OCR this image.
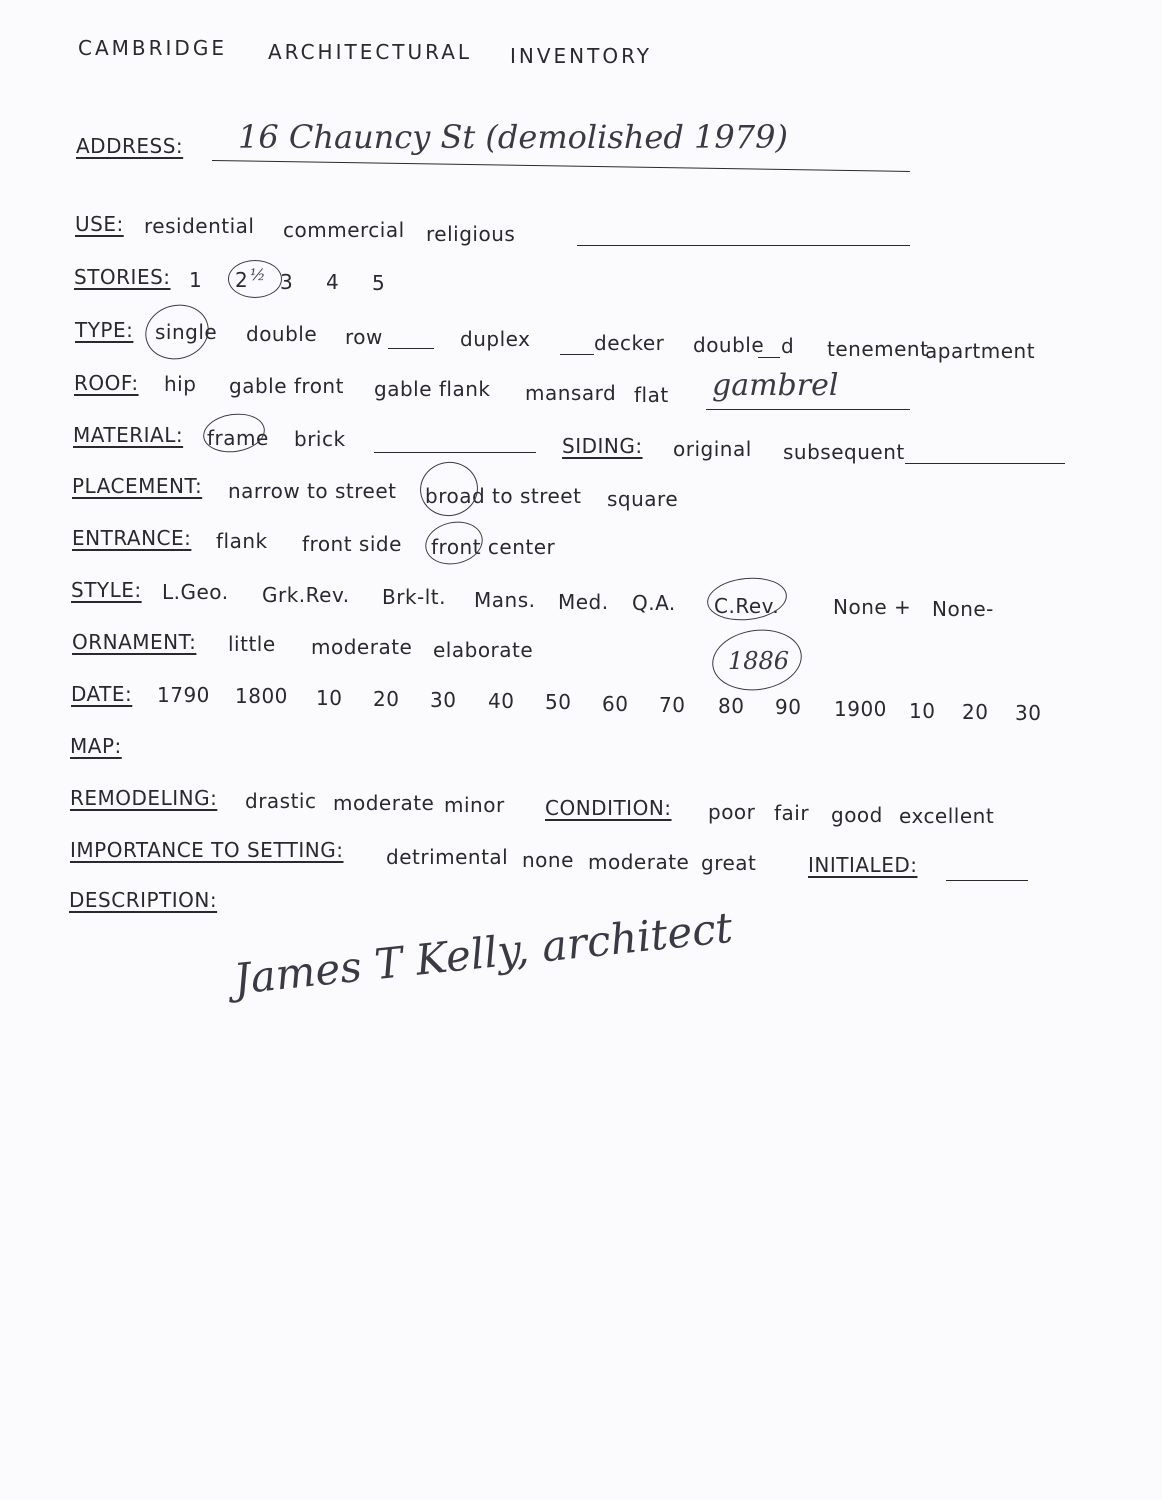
CAMBRIDGE ARCHITECTURAL INVENTORY
ADDRESS: 16 Chauncy St (demolished 1979)
USE: residential commercial religious
STORIES: 1 2 ½ 3 4 5
TYPE: single double row	duplex	decker double d tenement
apartment
ROOF: hip gable front gable flank mansard flat gambrel
MATERIAL: frame brick	SIDING: original subsequent
PLACEMENT: narrow to street broad to street square
ENTRANCE: flank front side front center
STYLE: L.Geo. Grk.Rev. Brk-lt. Mans. Med. Q.A. C.Rev.	None + None-
ORNAMENT: little moderate elaborate	1886
DATE: 1790 1800 10 20 30 40 50 60 70 80 90 1900 10 20 30
MAP:
REMODELING: drastic moderate minor CONDITION: poor fair good excellent
IMPORTANCE TO SETTING: detrimental none moderate great	INITIALED:
DESCRIPTION:
James T Kelly, architect
